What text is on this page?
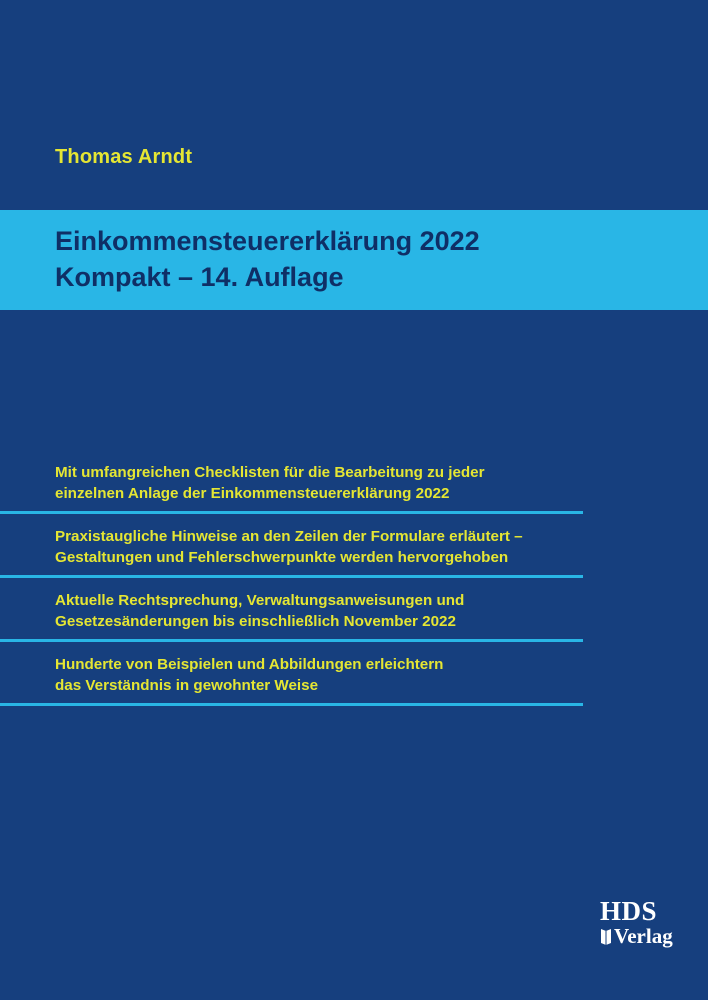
Thomas Arndt
Einkommensteuererklärung 2022
Kompakt – 14. Auflage
Mit umfangreichen Checklisten für die Bearbeitung zu jeder
einzelnen Anlage der Einkommensteuererklärung 2022
Praxistaugliche Hinweise an den Zeilen der Formulare erläutert –
Gestaltungen und Fehlerschwerpunkte werden hervorgehoben
Aktuelle Rechtsprechung, Verwaltungsanweisungen und
Gesetzesänderungen bis einschließlich November 2022
Hunderte von Beispielen und Abbildungen erleichtern
das Verständnis in gewohnter Weise
HDS
Verlag
